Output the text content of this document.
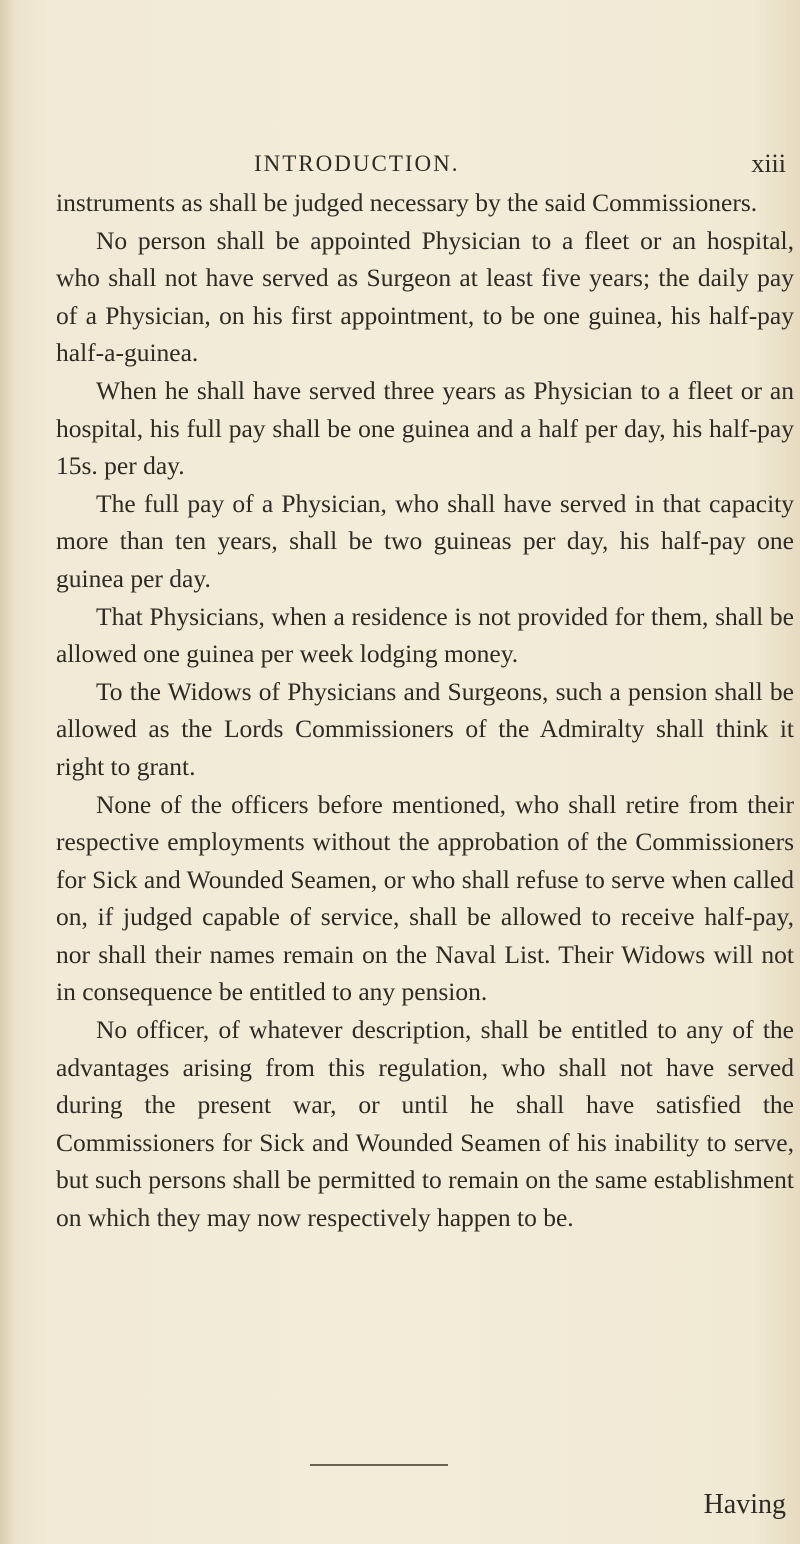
INTRODUCTION.	xiii

instruments as shall be judged necessary by the said Commissioners.

No person shall be appointed Physician to a fleet or an hospital, who shall not have served as Surgeon at least five years; the daily pay of a Physician, on his first appointment, to be one guinea, his half-pay half-a-guinea.

When he shall have served three years as Physician to a fleet or an hospital, his full pay shall be one guinea and a half per day, his half-pay 15s. per day.

The full pay of a Physician, who shall have served in that capacity more than ten years, shall be two guineas per day, his half-pay one guinea per day.

That Physicians, when a residence is not provided for them, shall be allowed one guinea per week lodging money.

To the Widows of Physicians and Surgeons, such a pension shall be allowed as the Lords Commissioners of the Admiralty shall think it right to grant.

None of the officers before mentioned, who shall retire from their respective employments without the approbation of the Commissioners for Sick and Wounded Seamen, or who shall refuse to serve when called on, if judged capable of service, shall be allowed to receive half-pay, nor shall their names remain on the Naval List. Their Widows will not in consequence be entitled to any pension.

No officer, of whatever description, shall be entitled to any of the advantages arising from this regulation, who shall not have served during the present war, or until he shall have satisfied the Commissioners for Sick and Wounded Seamen of his inability to serve, but such persons shall be permitted to remain on the same establishment on which they may now respectively happen to be.

Having
